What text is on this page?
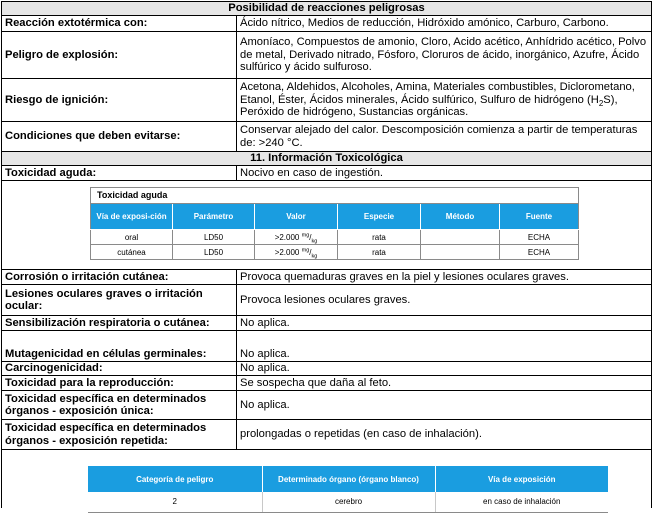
Posibilidad de reacciones peligrosas
Reacción extotérmica con:	Ácido nítrico, Medios de reducción, Hidróxido amónico, Carburo, Carbono.
Peligro de explosión:	Amoníaco, Compuestos de amonio, Cloro, Acido acético, Anhídrido acético, Polvo de metal, Derivado nitrado, Fósforo, Cloruros de ácido, inorgánico, Azufre, Ácido sulfúrico y ácido sulfuroso.
Riesgo de ignición:	Acetona, Aldehidos, Alcoholes, Amina, Materiales combustibles, Diclorometano, Etanol, Éster, Ácidos minerales, Ácido sulfúrico, Sulfuro de hidrógeno $(H_2S)$, Peróxido de hidrógeno, Sustancias orgánicas.
Condiciones que deben evitarse:	Conservar alejado del calor. Descomposición comienza a partir de temperaturas de: >240 °C.
11. Información Toxicológica
Toxicidad aguda:	Nocivo en caso de ingestión.

Toxicidad aguda
Vía de exposi-ción	Parámetro	Valor	Especie	Método	Fuente
oral	LD50	>2.000 $^{mg}/_{kg}$	rata		ECHA
cutánea	LD50	>2.000 $^{mg}/_{kg}$	rata		ECHA

Corrosión o irritación cutánea:	Provoca quemaduras graves en la piel y lesiones oculares graves.
Lesiones oculares graves o irritación ocular:	Provoca lesiones oculares graves.
Sensibilización respiratoria o cutánea:	No aplica.
Mutagenicidad en células germinales:	No aplica.
Carcinogenicidad:	No aplica.
Toxicidad para la reproducción:	Se sospecha que daña al feto.
Toxicidad específica en determinados órganos - exposición única:	No aplica.
Toxicidad específica en determinados órganos - exposición repetida:	prolongadas o repetidas (en caso de inhalación).

Categoría de peligro	Determinado órgano (órgano blanco)	Vía de exposición
2	cerebro	en caso de inhalación
